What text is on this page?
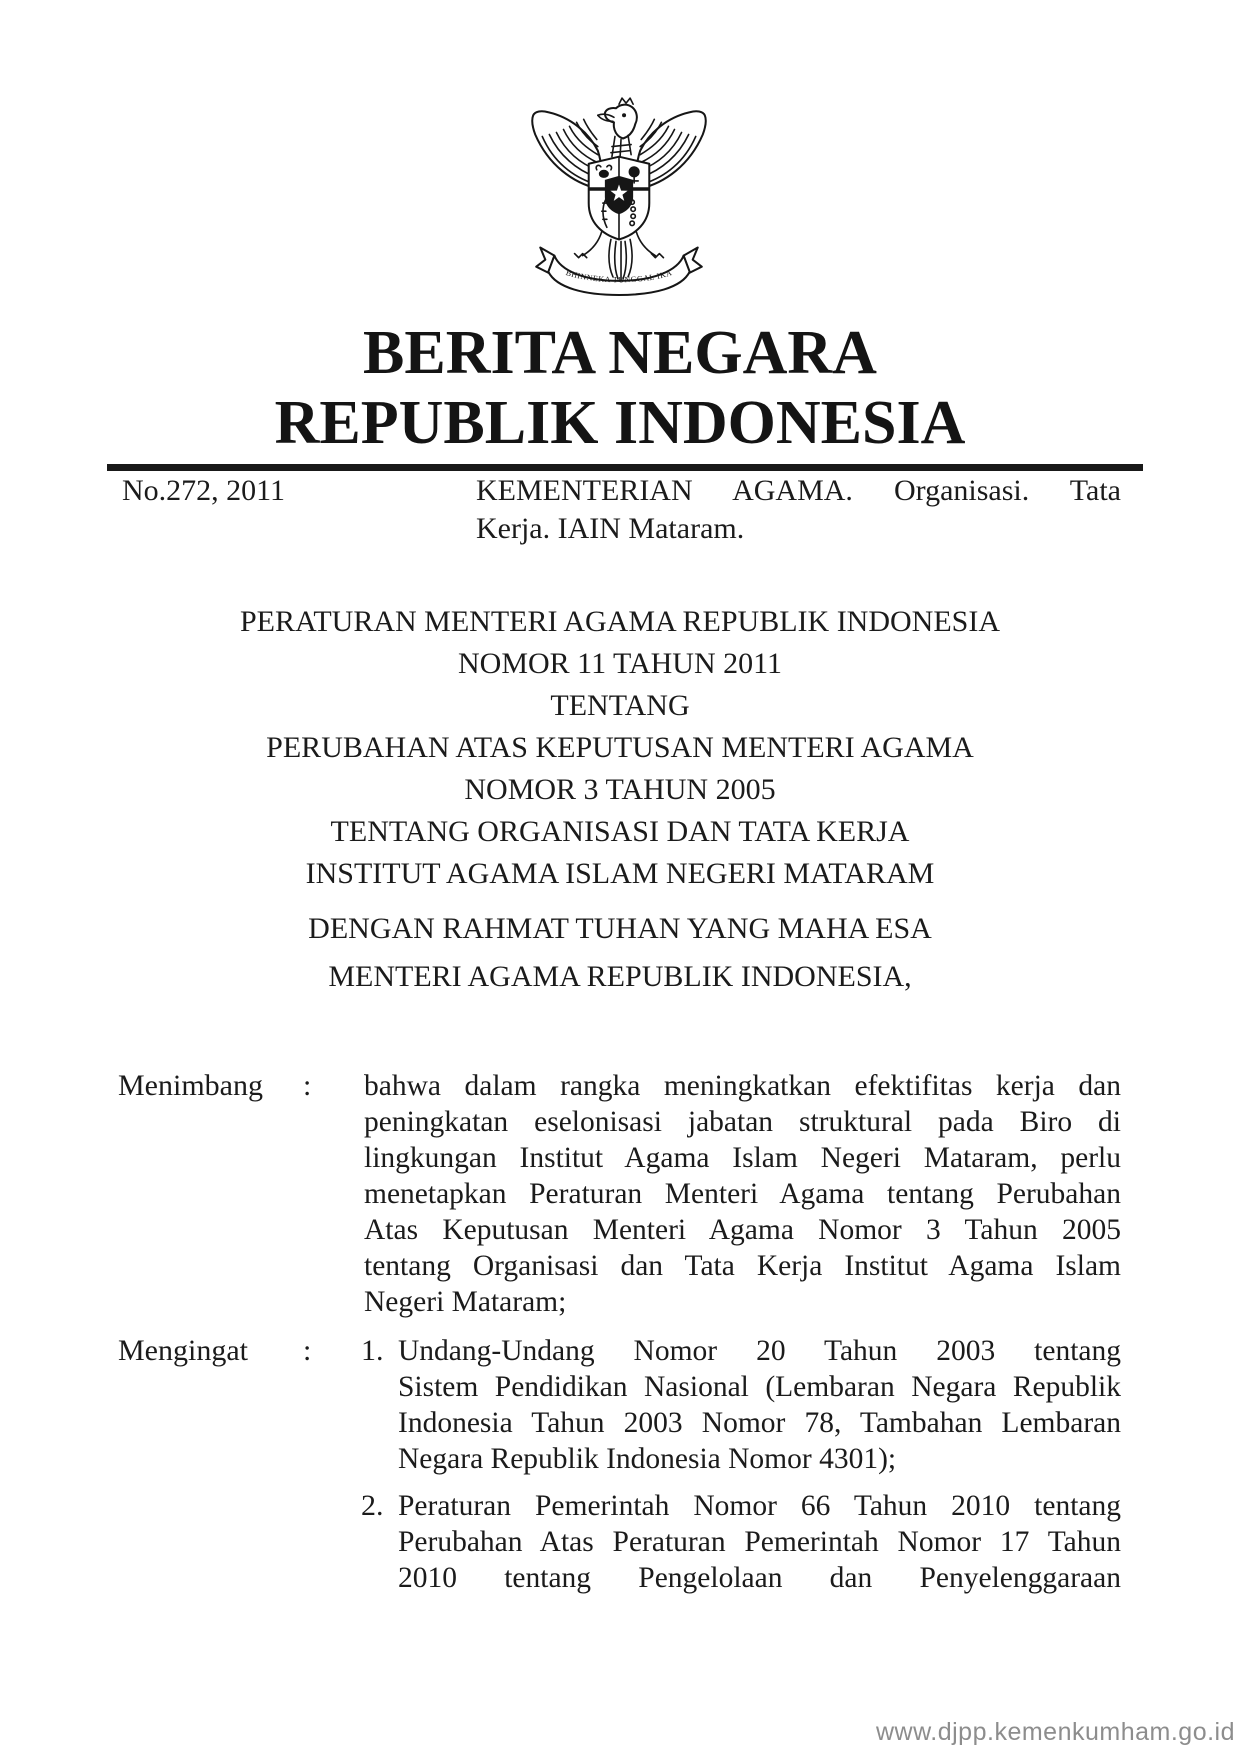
BHINNEKA TUNGGAL IKA
BERITA NEGARA
REPUBLIK INDONESIA
No.272, 2011	KEMENTERIAN AGAMA. Organisasi. Tata
Kerja. IAIN Mataram.
PERATURAN MENTERI AGAMA REPUBLIK INDONESIA
NOMOR 11 TAHUN 2011
TENTANG
PERUBAHAN ATAS KEPUTUSAN MENTERI AGAMA
NOMOR 3 TAHUN 2005
TENTANG ORGANISASI DAN TATA KERJA
INSTITUT AGAMA ISLAM NEGERI MATARAM
DENGAN RAHMAT TUHAN YANG MAHA ESA
MENTERI AGAMA REPUBLIK INDONESIA,
Menimbang : bahwa dalam rangka meningkatkan efektifitas kerja dan
peningkatan eselonisasi jabatan struktural pada Biro di
lingkungan Institut Agama Islam Negeri Mataram, perlu
menetapkan Peraturan Menteri Agama tentang Perubahan
Atas Keputusan Menteri Agama Nomor 3 Tahun 2005
tentang Organisasi dan Tata Kerja Institut Agama Islam
Negeri Mataram;
Mengingat : 1. Undang-Undang Nomor 20 Tahun 2003 tentang
Sistem Pendidikan Nasional (Lembaran Negara Republik
Indonesia Tahun 2003 Nomor 78, Tambahan Lembaran
Negara Republik Indonesia Nomor 4301);
2. Peraturan Pemerintah Nomor 66 Tahun 2010 tentang
Perubahan Atas Peraturan Pemerintah Nomor 17 Tahun
2010 tentang Pengelolaan dan Penyelenggaraan
www.djpp.kemenkumham.go.id
